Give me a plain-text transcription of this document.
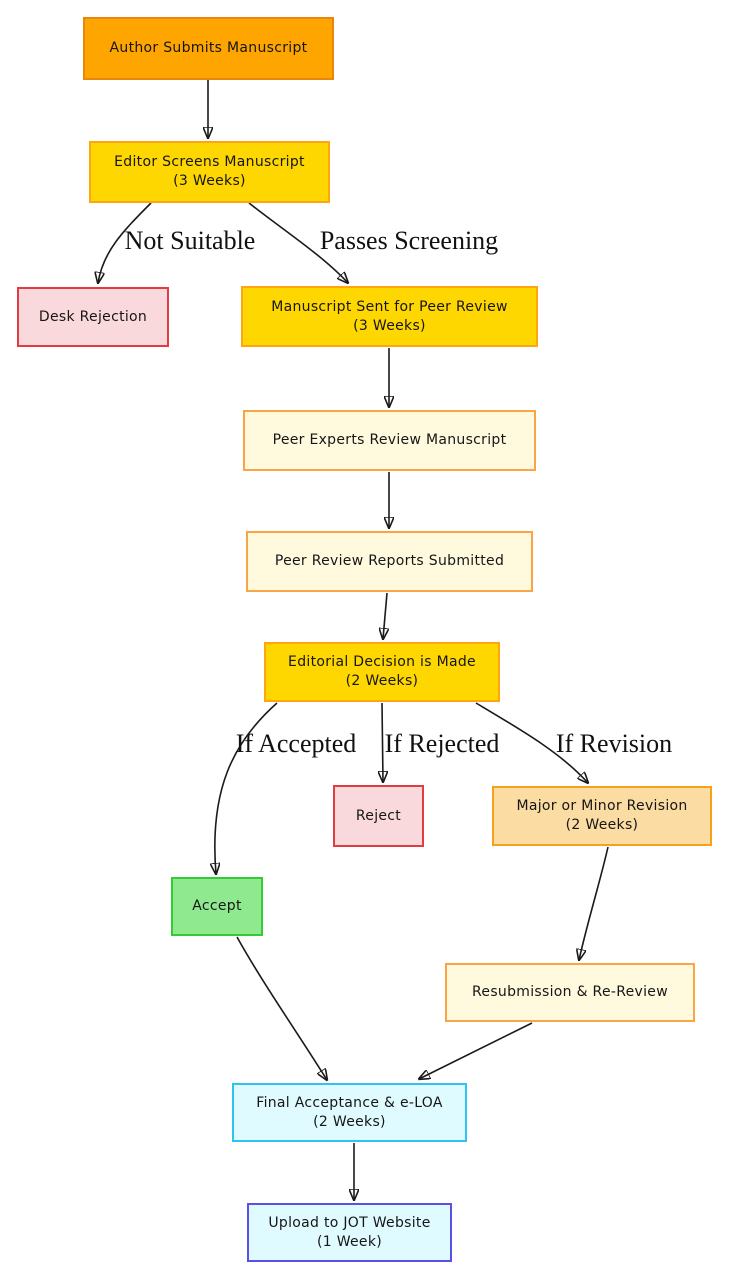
Author Submits Manuscript
Editor Screens Manuscript
(3 Weeks)
Desk Rejection
Manuscript Sent for Peer Review
(3 Weeks)
Peer Experts Review Manuscript
Peer Review Reports Submitted
Editorial Decision is Made
(2 Weeks)
Reject
Major or Minor Revision
(2 Weeks)
Accept
Resubmission & Re-Review
Final Acceptance & e-LOA
(2 Weeks)
Upload to JOT Website
(1 Week)
Not Suitable Passes Screening
If Accepted If Rejected If Revision
